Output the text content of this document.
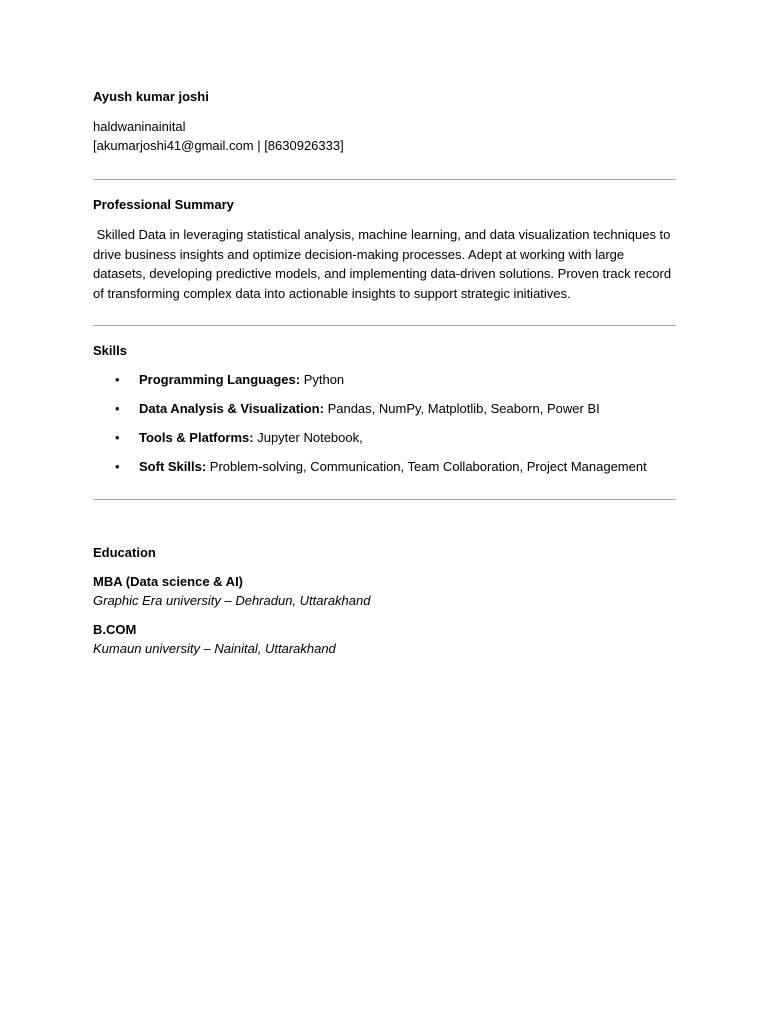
Ayush kumar joshi

haldwaninainital

[akumarjoshi41@gmail.com | [8630926333]

Professional Summary

Skilled Data in leveraging statistical analysis, machine learning, and data visualization techniques to drive business insights and optimize decision-making processes. Adept at working with large datasets, developing predictive models, and implementing data-driven solutions. Proven track record of transforming complex data into actionable insights to support strategic initiatives.

Skills

• Programming Languages: Python
• Data Analysis & Visualization: Pandas, NumPy, Matplotlib, Seaborn, Power BI
• Tools & Platforms: Jupyter Notebook,
• Soft Skills: Problem-solving, Communication, Team Collaboration, Project Management

Education

MBA (Data science & AI)

Graphic Era university – Dehradun, Uttarakhand

B.COM

Kumaun university – Nainital, Uttarakhand
